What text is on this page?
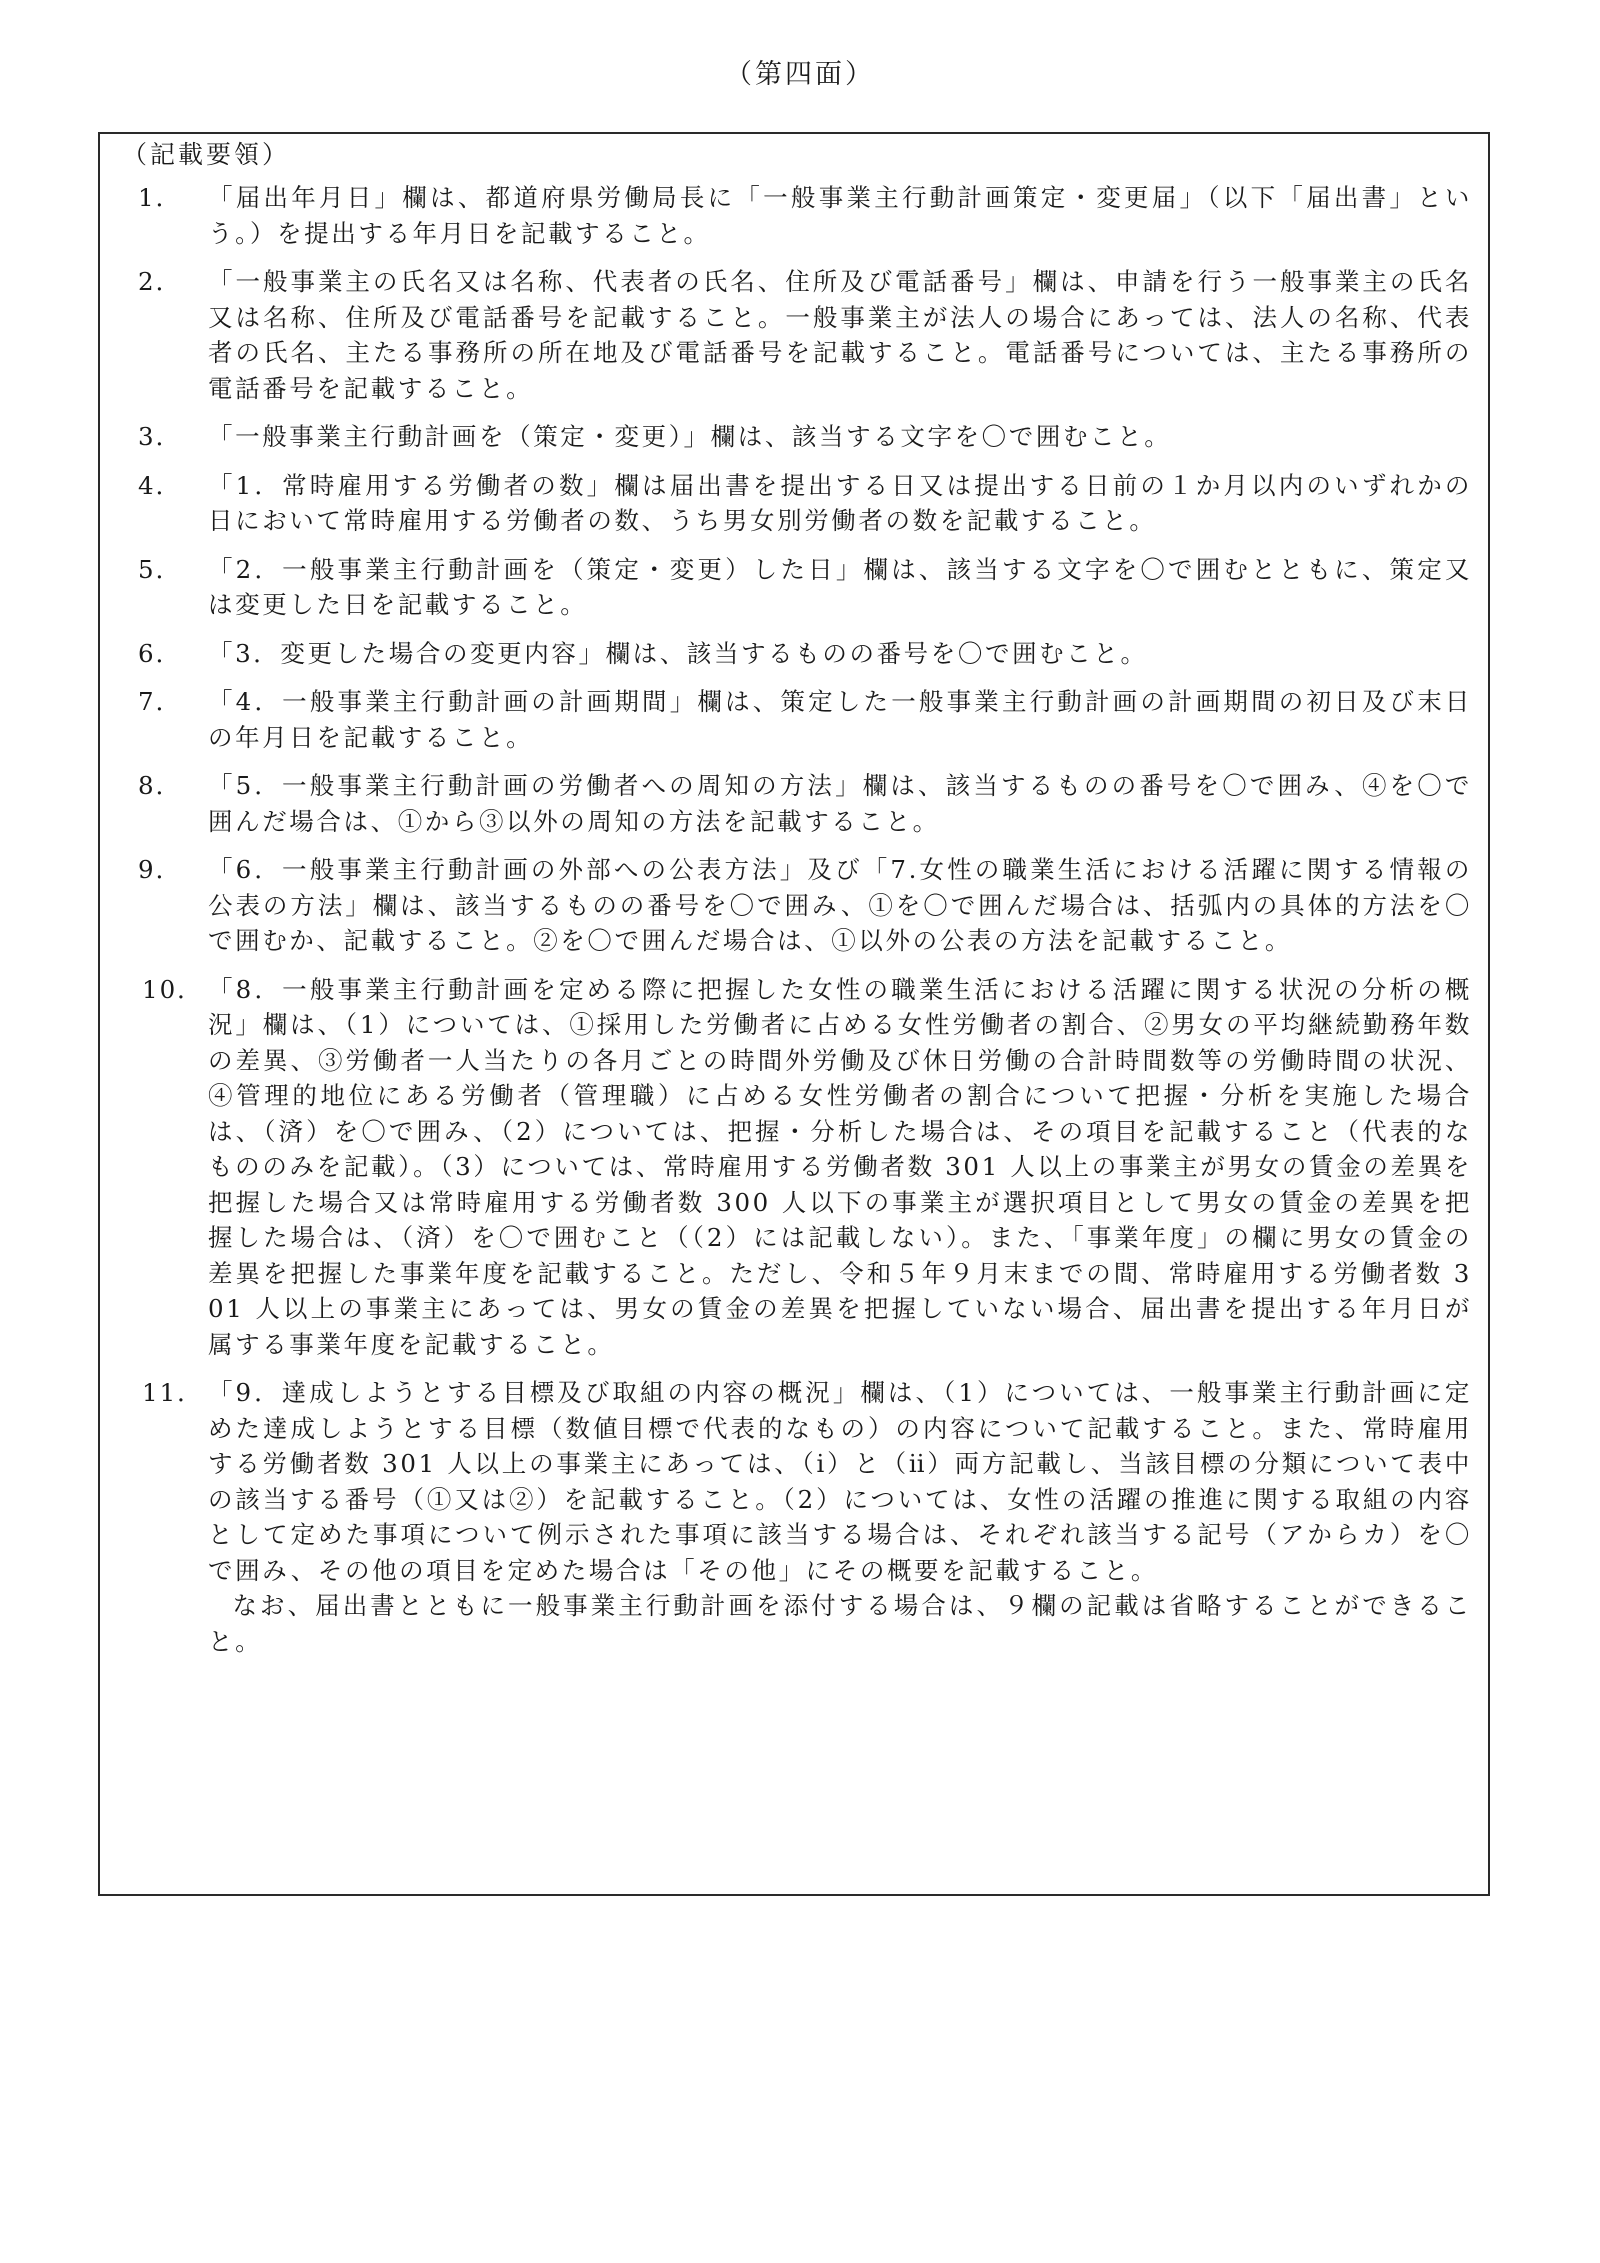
（第四面）
（記載要領）
1．	「届出年月日」欄は、都道府県労働局長に「一般事業主行動計画策定・変更届」（以下「届出書」という。）を提出する年月日を記載すること。

2．	「一般事業主の氏名又は名称、代表者の氏名、住所及び電話番号」欄は、申請を行う一般事業主の氏名又は名称、住所及び電話番号を記載すること。一般事業主が法人の場合にあっては、法人の名称、代表者の氏名、主たる事務所の所在地及び電話番号を記載すること。電話番号については、主たる事務所の電話番号を記載すること。

3．	「一般事業主行動計画を（策定・変更）」欄は、該当する文字を〇で囲むこと。

4．	「1．常時雇用する労働者の数」欄は届出書を提出する日又は提出する日前の１か月以内のいずれかの日において常時雇用する労働者の数、うち男女別労働者の数を記載すること。

5．	「2．一般事業主行動計画を（策定・変更）した日」欄は、該当する文字を〇で囲むとともに、策定又は変更した日を記載すること。

6．	「3．変更した場合の変更内容」欄は、該当するものの番号を〇で囲むこと。

7．	「4．一般事業主行動計画の計画期間」欄は、策定した一般事業主行動計画の計画期間の初日及び末日の年月日を記載すること。

8．	「5．一般事業主行動計画の労働者への周知の方法」欄は、該当するものの番号を〇で囲み、④を〇で囲んだ場合は、①から③以外の周知の方法を記載すること。

9．	「6．一般事業主行動計画の外部への公表方法」及び「7.女性の職業生活における活躍に関する情報の公表の方法」欄は、該当するものの番号を〇で囲み、①を〇で囲んだ場合は、括弧内の具体的方法を〇で囲むか、記載すること。②を〇で囲んだ場合は、①以外の公表の方法を記載すること。

10． 「8．一般事業主行動計画を定める際に把握した女性の職業生活における活躍に関する状況の分析の概況」欄は、（1）については、①採用した労働者に占める女性労働者の割合、②男女の平均継続勤務年数の差異、③労働者一人当たりの各月ごとの時間外労働及び休日労働の合計時間数等の労働時間の状況、④管理的地位にある労働者（管理職）に占める女性労働者の割合について把握・分析を実施した場合は、（済）を〇で囲み、（2）については、把握・分析した場合は、その項目を記載すること（代表的なもののみを記載）。（3）については、常時雇用する労働者数 301 人以上の事業主が男女の賃金の差異を把握した場合又は常時雇用する労働者数 300 人以下の事業主が選択項目として男女の賃金の差異を把握した場合は、（済）を〇で囲むこと（（2）には記載しない）。また、「事業年度」の欄に男女の賃金の差異を把握した事業年度を記載すること。ただし、令和５年９月末までの間、常時雇用する労働者数 301 人以上の事業主にあっては、男女の賃金の差異を把握していない場合、届出書を提出する年月日が属する事業年度を記載すること。

11． 「9．達成しようとする目標及び取組の内容の概況」欄は、（1）については、一般事業主行動計画に定めた達成しようとする目標（数値目標で代表的なもの）の内容について記載すること。また、常時雇用する労働者数 301 人以上の事業主にあっては、（ⅰ）と（ⅱ）両方記載し、当該目標の分類について表中の該当する番号（①又は②）を記載すること。（2）については、女性の活躍の推進に関する取組の内容として定めた事項について例示された事項に該当する場合は、それぞれ該当する記号（アからカ）を〇で囲み、その他の項目を定めた場合は「その他」にその概要を記載すること。

なお、届出書とともに一般事業主行動計画を添付する場合は、９欄の記載は省略することができること。
